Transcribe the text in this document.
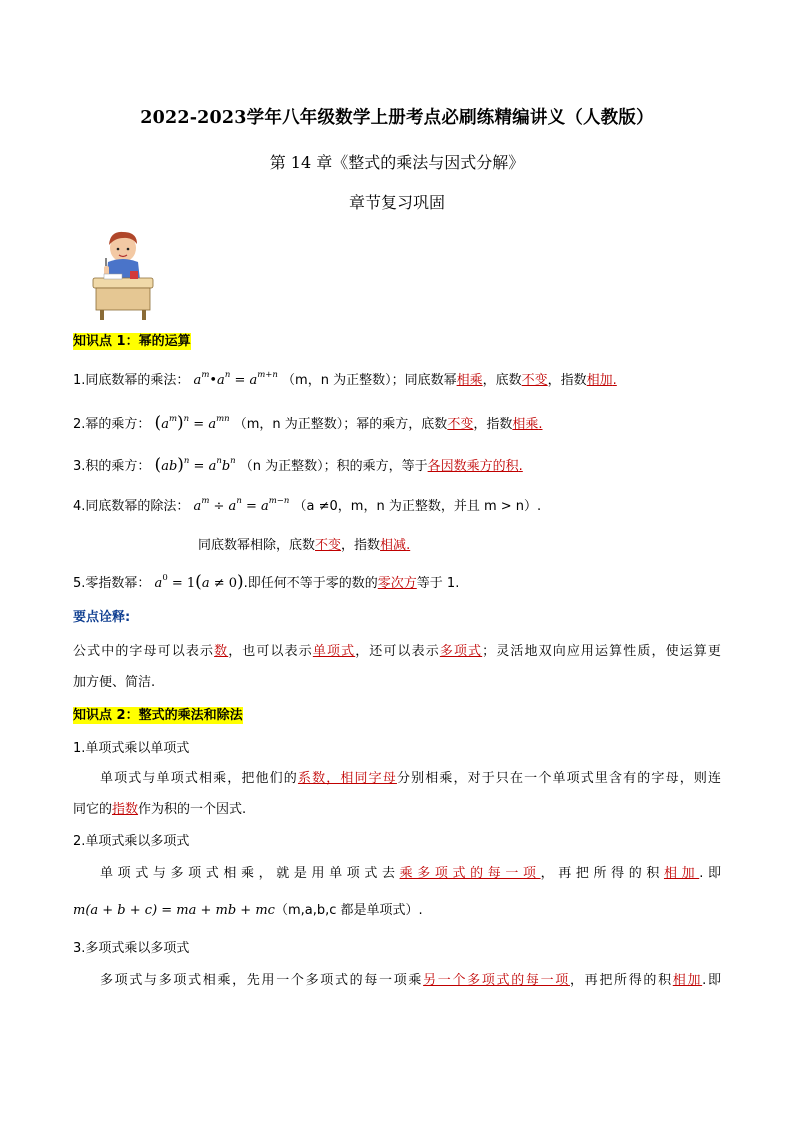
2022-2023学年八年级数学上册考点必刷练精编讲义（人教版）
第 14 章《整式的乘法与因式分解》
章节复习巩固
知识点 1：幂的运算
1.同底数幂的乘法： $a^m•a^n = a^{m+n}$ （m，n 为正整数）；同底数幂相乘，底数不变，指数相加.
2.幂的乘方： $(a^m)^n = a^{mn}$ （m，n 为正整数）；幂的乘方，底数不变，指数相乘.
3.积的乘方： $(ab)^n = a^nb^n$ （n 为正整数）；积的乘方，等于各因数乘方的积.
4.同底数幂的除法： $a^m \div a^n = a^{m-n}$ （a ≠0，m，n 为正整数，并且 m > n）.
同底数幂相除，底数不变，指数相减.
5.零指数幂： $a^0 = 1(a \ne 0)$.即任何不等于零的数的零次方等于 1.
要点诠释:
公式中的字母可以表示数，也可以表示单项式，还可以表示多项式；灵活地双向应用运算性质，使运算更
加方便、简洁.
知识点 2：整式的乘法和除法
1.单项式乘以单项式
单项式与单项式相乘，把他们的系数，相同字母分别相乘，对于只在一个单项式里含有的字母，则连
同它的指数作为积的一个因式.
2.单项式乘以多项式
单项式与多项式相乘，就是用单项式去乘多项式的每一项，再把所得的积相加.即
m(a + b + c) = ma + mb + mc（m,a,b,c 都是单项式）.
3.多项式乘以多项式
多项式与多项式相乘，先用一个多项式的每一项乘另一个多项式的每一项，再把所得的积相加.即
